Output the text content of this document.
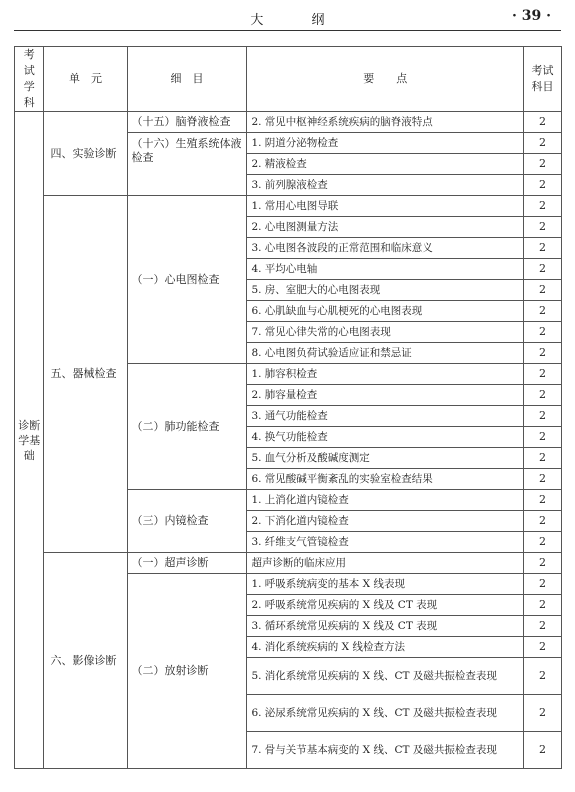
大 纲	· 39 ·
考试学科	单　元	细　目	要　　点	考试科目
诊断学基础	四、实验诊断	（十五）脑脊液检查	2. 常见中枢神经系统疾病的脑脊液特点	2
		（十六）生殖系统体液检查	1. 阴道分泌物检查	2
			2. 精液检查	2
			3. 前列腺液检查	2
	五、器械检查	（一）心电图检查	1. 常用心电图导联	2
			2. 心电图测量方法	2
			3. 心电图各波段的正常范围和临床意义	2
			4. 平均心电轴	2
			5. 房、室肥大的心电图表现	2
			6. 心肌缺血与心肌梗死的心电图表现	2
			7. 常见心律失常的心电图表现	2
			8. 心电图负荷试验适应证和禁忌证	2
		（二）肺功能检查	1. 肺容积检查	2
			2. 肺容量检查	2
			3. 通气功能检查	2
			4. 换气功能检查	2
			5. 血气分析及酸碱度测定	2
			6. 常见酸碱平衡紊乱的实验室检查结果	2
		（三）内镜检查	1. 上消化道内镜检查	2
			2. 下消化道内镜检查	2
			3. 纤维支气管镜检查	2
	六、影像诊断	（一）超声诊断	超声诊断的临床应用	2
		（二）放射诊断	1. 呼吸系统病变的基本 X 线表现	2
			2. 呼吸系统常见疾病的 X 线及 CT 表现	2
			3. 循环系统常见疾病的 X 线及 CT 表现	2
			4. 消化系统疾病的 X 线检查方法	2
			5. 消化系统常见疾病的 X 线、CT 及磁共振检查表现	2
			6. 泌尿系统常见疾病的 X 线、CT 及磁共振检查表现	2
			7. 骨与关节基本病变的 X 线、CT 及磁共振检查表现	2
